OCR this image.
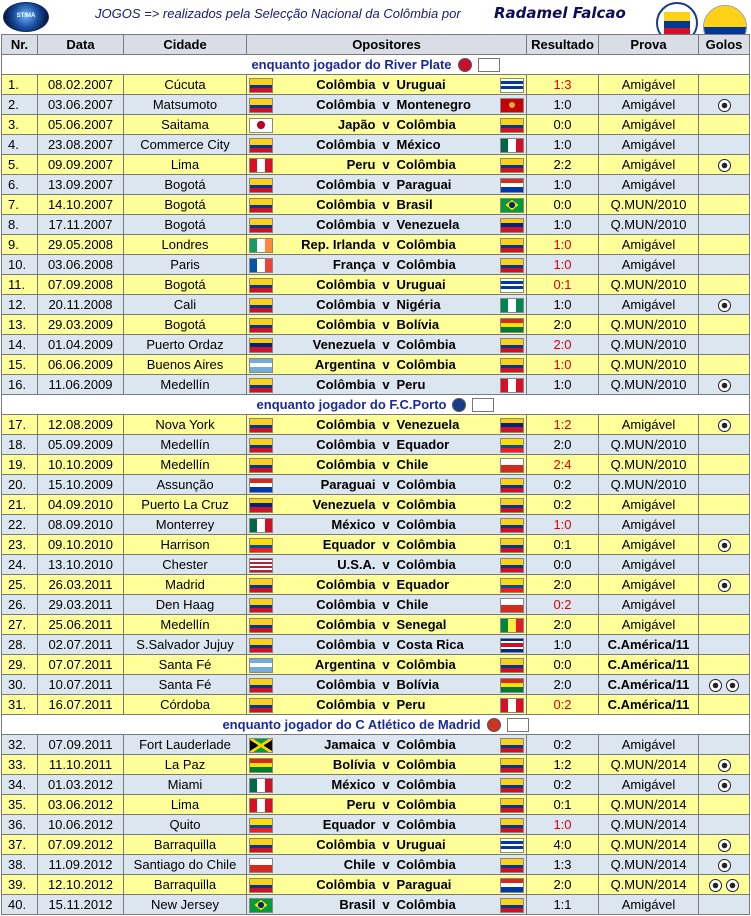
STIMA	JOGOS => realizados pela Selecção Nacional da Colômbia por Radamel Falcao
Nr.	Data	Cidade	Opositores					Resultado	Prova	Golos
enquanto jogador do River Plate										
1.	08.02.2007	Cúcuta		Colômbia	v	Uruguai		1:3	Amigável	
2.	03.06.2007	Matsumoto		Colômbia	v	Montenegro		1:0	Amigável	
3.	05.06.2007	Saitama		Japão	v	Colômbia		0:0	Amigável	
4.	23.08.2007	Commerce City		Colômbia	v	México		1:0	Amigável	
5.	09.09.2007	Lima		Peru	v	Colômbia		2:2	Amigável	
6.	13.09.2007	Bogotá		Colômbia	v	Paraguai		1:0	Amigável	
7.	14.10.2007	Bogotá		Colômbia	v	Brasil		0:0	Q.MUN/2010	
8.	17.11.2007	Bogotá		Colômbia	v	Venezuela		1:0	Q.MUN/2010	
9.	29.05.2008	Londres		Rep. Irlanda	v	Colômbia		1:0	Amigável	
10.	03.06.2008	Paris		França	v	Colômbia		1:0	Amigável	
11.	07.09.2008	Bogotá		Colômbia	v	Uruguai		0:1	Q.MUN/2010	
12.	20.11.2008	Cali		Colômbia	v	Nigéria		1:0	Amigável	
13.	29.03.2009	Bogotá		Colômbia	v	Bolívia		2:0	Q.MUN/2010	
14.	01.04.2009	Puerto Ordaz		Venezuela	v	Colômbia		2:0	Q.MUN/2010	
15.	06.06.2009	Buenos Aires		Argentina	v	Colômbia		1:0	Q.MUN/2010	
16.	11.06.2009	Medellín		Colômbia	v	Peru		1:0	Q.MUN/2010	
enquanto jogador do F.C.Porto										
17.	12.08.2009	Nova York		Colômbia	v	Venezuela		1:2	Amigável	
18.	05.09.2009	Medellín		Colômbia	v	Equador		2:0	Q.MUN/2010	
19.	10.10.2009	Medellín		Colômbia	v	Chile		2:4	Q.MUN/2010	
20.	15.10.2009	Assunção		Paraguai	v	Colômbia		0:2	Q.MUN/2010	
21.	04.09.2010	Puerto La Cruz		Venezuela	v	Colômbia		0:2	Amigável	
22.	08.09.2010	Monterrey		México	v	Colômbia		1:0	Amigável	
23.	09.10.2010	Harrison		Equador	v	Colômbia		0:1	Amigável	
24.	13.10.2010	Chester		U.S.A.	v	Colômbia		0:0	Amigável	
25.	26.03.2011	Madrid		Colômbia	v	Equador		2:0	Amigável	
26.	29.03.2011	Den Haag		Colômbia	v	Chile		0:2	Amigável	
27.	25.06.2011	Medellín		Colômbia	v	Senegal		2:0	Amigável	
28.	02.07.2011	S.Salvador Jujuy		Colômbia	v	Costa Rica		1:0	C.América/11	
29.	07.07.2011	Santa Fé		Argentina	v	Colômbia		0:0	C.América/11	
30.	10.07.2011	Santa Fé		Colômbia	v	Bolívia		2:0	C.América/11	
31.	16.07.2011	Córdoba		Colômbia	v	Peru		0:2	C.América/11	
enquanto jogador do C Atlético de Madrid										
32.	07.09.2011	Fort Lauderlade		Jamaica	v	Colômbia		0:2	Amigável	
33.	11.10.2011	La Paz		Bolívia	v	Colômbia		1:2	Q.MUN/2014	
34.	01.03.2012	Miami		México	v	Colômbia		0:2	Amigável	
35.	03.06.2012	Lima		Peru	v	Colômbia		0:1	Q.MUN/2014	
36.	10.06.2012	Quito		Equador	v	Colômbia		1:0	Q.MUN/2014	
37.	07.09.2012	Barraquilla		Colômbia	v	Uruguai		4:0	Q.MUN/2014	
38.	11.09.2012	Santiago do Chile		Chile	v	Colômbia		1:3	Q.MUN/2014	
39.	12.10.2012	Barraquilla		Colômbia	v	Paraguai		2:0	Q.MUN/2014	
40.	15.11.2012	New Jersey		Brasil	v	Colômbia		1:1	Amigável	
